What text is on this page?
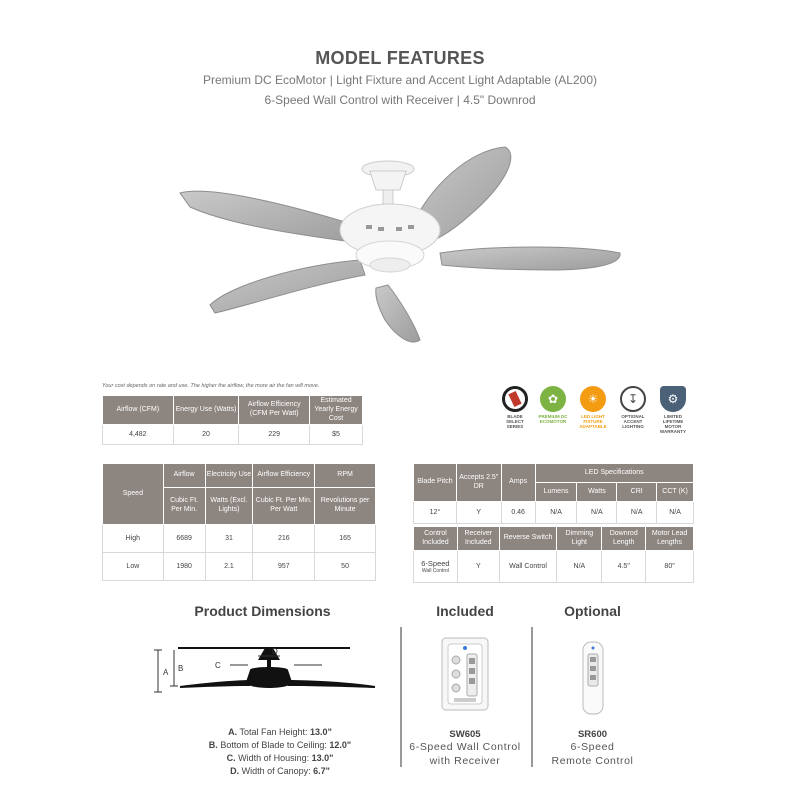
MODEL FEATURES
Premium DC EcoMotor | Light Fixture and Accent Light Adaptable (AL200)
6-Speed Wall Control with Receiver | 4.5" Downrod
Your cost depends on rate and use. The higher the airflow, the more air the fan will move.
Airflow (CFM)	Energy Use (Watts)	Airflow Efficiency (CFM Per Watt)	Estimated Yearly Energy Cost
4,482	20	229	$5
BLADE SELECT SERIES
✿
PREMIUM DC ECOMOTOR
☀
LED LIGHT FIXTURE ADAPTABLE
↧
OPTIONAL ACCENT LIGHTING
⚙
LIMITED LIFETIME MOTOR WARRANTY
Speed	Airflow	Electricity Use	Airflow Efficiency	RPM
	Cubic Ft. Per Min.	Watts (Excl. Lights)	Cubic Ft. Per Min. Per Watt	Revolutions per Minute
High	6689	31	216	165
Low	1980	2.1	957	50
Blade Pitch	Accepts 2.5" DR	Amps	LED Specifications			
			Lumens	Watts	CRI	CCT (K)
12°	Y	0.46	N/A	N/A	N/A	N/A
Control Included	Receiver Included	Reverse Switch	Dimming Light	Downrod Length	Motor Lead Lengths

6-Speed
Wall Control	Y	Wall Control	N/A	4.5"	80"
Product Dimensions	Included	Optional
A B	C
D
A. Total Fan Height: 13.0"
B. Bottom of Blade to Ceiling: 12.0"
C. Width of Housing: 13.0"
D. Width of Canopy: 6.7"
SW605
6-Speed Wall Control
with Receiver
SR600
6-Speed
Remote Control
